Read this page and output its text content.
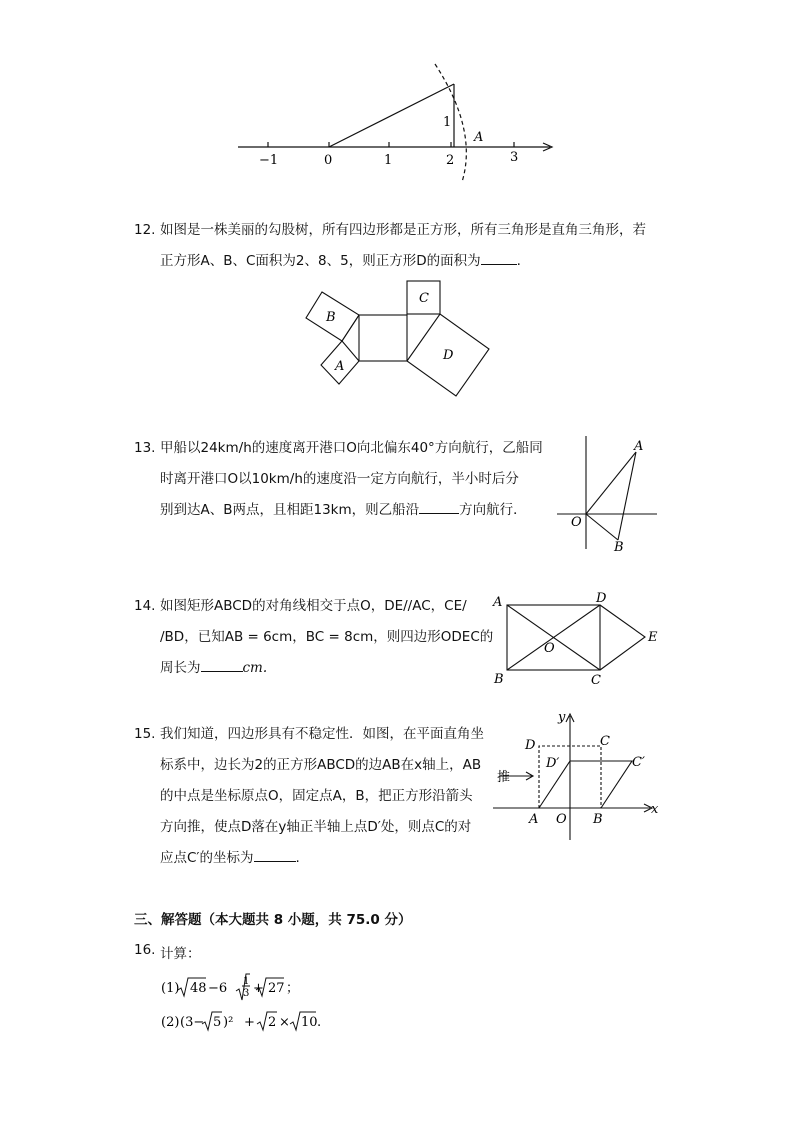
−1	0	1	2	3
1
A
12. 如图是一株美丽的勾股树，所有四边形都是正方形，所有三角形是直角三角形，若
正方形A、B、C面积为2、8、5，则正方形D的面积为	.
B
A
C
D
13. 甲船以24km/h的速度离开港口O向北偏东40°方向航行，乙船同
时离开港口O以10km/h的速度沿一定方向航行，半小时后分
别到达A、B两点，且相距13km，则乙船沿	方向航行．
A
O
B
14. 如图矩形ABCD的对角线相交于点O，DE//AC，CE/
/BD，已知AB = 6cm，BC = 8cm，则四边形ODEC的
周长为	cm.
A	D
O
E
B	C
15. 我们知道，四边形具有不稳定性．如图，在平面直角坐
标系中，边长为2的正方形ABCD的边AB在x轴上，AB
的中点是坐标原点O，固定点A，B，把正方形沿箭头
方向推，使点D落在y轴正半轴上点D′处，则点C的对
应点C′的坐标为	.
y
x
D	C
D′	C′
推
A O B
三、解答题（本大题共 8 小题，共 75.0 分）
16. 计算：
(1) 48 −6 1
3 + 27 ；
(2) (3− 5 )² + 2 × 10 .
